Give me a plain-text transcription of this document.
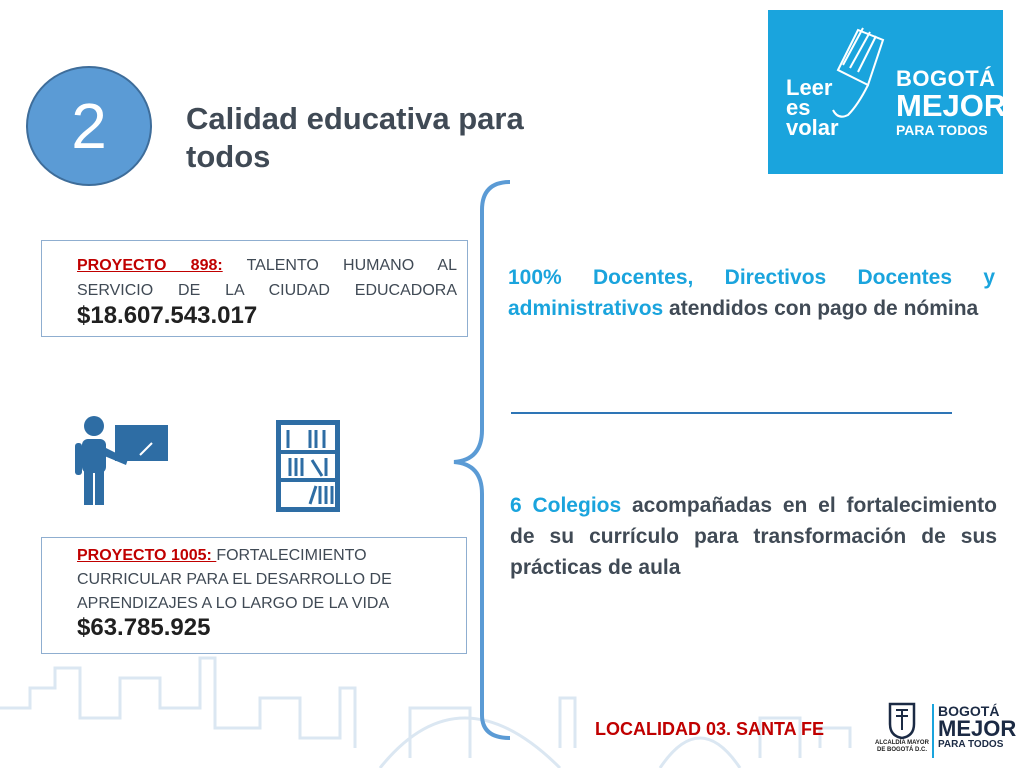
2	Calidad educativa para todos
Leer
es
volar
BOGOTÁ
MEJOR
PARA TODOS
PROYECTO 898: TALENTO HUMANO AL SERVICIO DE LA CIUDAD EDUCADORA $18.607.543.017
PROYECTO 1005: FORTALECIMIENTO CURRICULAR PARA EL DESARROLLO DE APRENDIZAJES A LO LARGO DE LA VIDA $63.785.925
100% Docentes, Directivos Docentes y administrativos atendidos con pago de nómina
6 Colegios acompañadas en el fortalecimiento de su currículo para transformación de sus prácticas de aula
LOCALIDAD 03. SANTA FE
ALCALDÍA MAYOR DE BOGOTÁ D.C.
BOGOTÁ
MEJOR
PARA TODOS
